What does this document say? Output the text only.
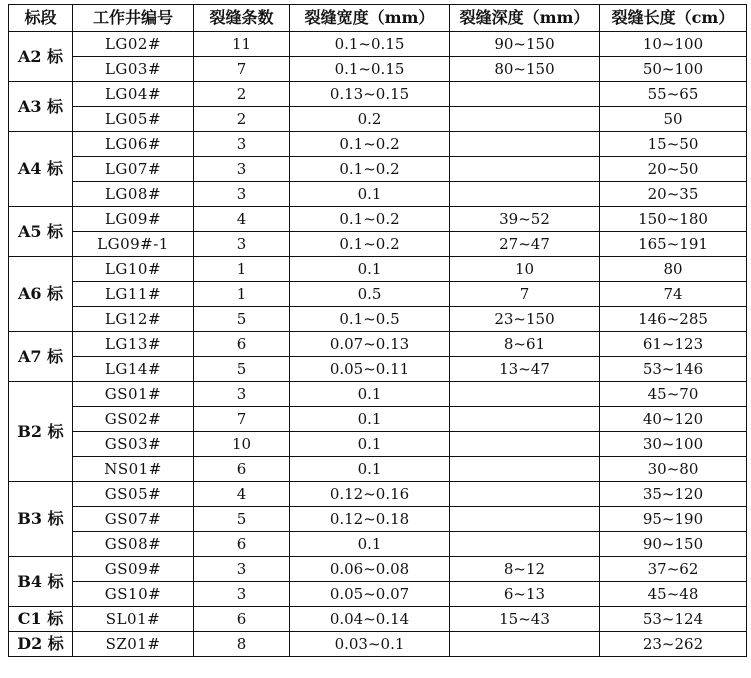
标段	工作井编号	裂缝条数	裂缝宽度（mm）	裂缝深度（mm）	裂缝长度（cm）
A2 标	LG02#	11	0.1~0.15	90~150	10~100
	LG03#	7	0.1~0.15	80~150	50~100
A3 标	LG04#	2	0.13~0.15		55~65
	LG05#	2	0.2		50
A4 标	LG06#	3	0.1~0.2		15~50
	LG07#	3	0.1~0.2		20~50
	LG08#	3	0.1		20~35
A5 标	LG09#	4	0.1~0.2	39~52	150~180
	LG09#-1	3	0.1~0.2	27~47	165~191
A6 标	LG10#	1	0.1	10	80
	LG11#	1	0.5	7	74
	LG12#	5	0.1~0.5	23~150	146~285
A7 标	LG13#	6	0.07~0.13	8~61	61~123
	LG14#	5	0.05~0.11	13~47	53~146
B2 标	GS01#	3	0.1		45~70
	GS02#	7	0.1		40~120
	GS03#	10	0.1		30~100
	NS01#	6	0.1		30~80
B3 标	GS05#	4	0.12~0.16		35~120
	GS07#	5	0.12~0.18		95~190
	GS08#	6	0.1		90~150
B4 标	GS09#	3	0.06~0.08	8~12	37~62
	GS10#	3	0.05~0.07	6~13	45~48
C1 标	SL01#	6	0.04~0.14	15~43	53~124
D2 标	SZ01#	8	0.03~0.1		23~262
